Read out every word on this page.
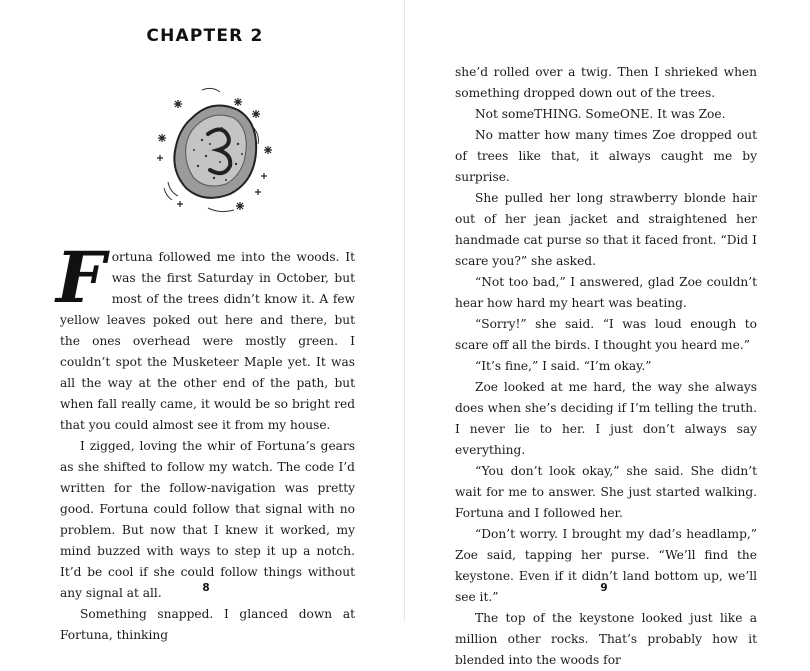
CHAPTER 2

Fortuna followed me into the woods. It was the first Saturday in October, but most of the trees didn’t know it. A few yellow leaves poked out here and there, but the ones overhead were mostly green. I couldn’t spot the Musketeer Maple yet. It was all the way at the other end of the path, but when fall really came, it would be so bright red that you could almost see it from my house.

I zigged, loving the whir of Fortuna’s gears as she shifted to follow my watch. The code I’d written for the follow-navigation was pretty good. Fortuna could follow that signal with no problem. But now that I knew it worked, my mind buzzed with ways to step it up a notch. It’d be cool if she could follow things without any signal at all.

Something snapped. I glanced down at Fortuna, thinking

8

she’d rolled over a twig. Then I shrieked when something dropped down out of the trees.

Not someTHING. SomeONE. It was Zoe.

No matter how many times Zoe dropped out of trees like that, it always caught me by surprise.

She pulled her long strawberry blonde hair out of her jean jacket and straightened her handmade cat purse so that it faced front. “Did I scare you?” she asked.

“Not too bad,” I answered, glad Zoe couldn’t hear how hard my heart was beating.

“Sorry!” she said. “I was loud enough to scare off all the birds. I thought you heard me.”

“It’s fine,” I said. “I’m okay.”

Zoe looked at me hard, the way she always does when she’s deciding if I’m telling the truth. I never lie to her. I just don’t always say everything.

“You don’t look okay,” she said. She didn’t wait for me to answer. She just started walking. Fortuna and I followed her.

“Don’t worry. I brought my dad’s headlamp,” Zoe said, tapping her purse. “We’ll find the keystone. Even if it didn’t land bottom up, we’ll see it.”

The top of the keystone looked just like a million other rocks. That’s probably how it blended into the woods for

9
